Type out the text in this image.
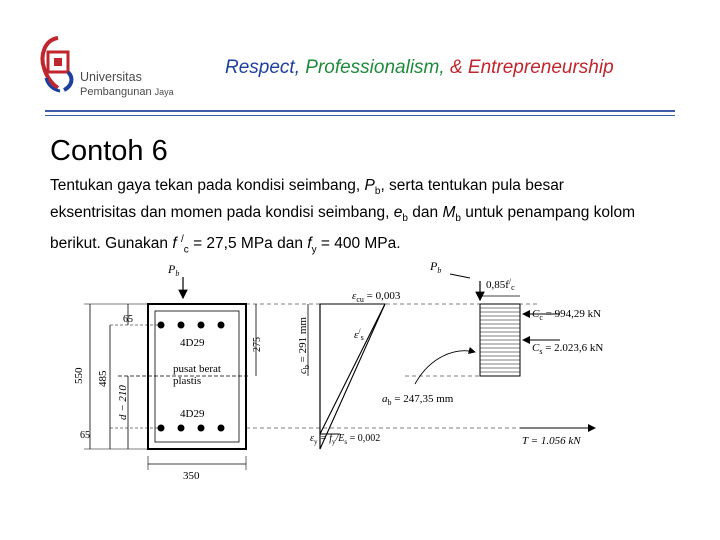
Universitas
Pembangunan Jaya
Respect, Professionalism, & Entrepreneurship
Contoh 6

Tentukan gaya tekan pada kondisi seimbang, $P_b$, serta tentukan pula besar

eksentrisitas dan momen pada kondisi seimbang, $e_b$ dan $M_b$ untuk penampang kolom

berikut. Gunakan f /$_c$ = 27,5 MPa dan $f_y = 400$ MPa.

$P_b$
4D29
4D29
pusat berat
plastis
550 485
65
d − 210
65
275
350
$\varepsilon_{cu} = 0,003$
$c_b = 291$ mm	$\varepsilon^/_s$
$\varepsilon_y = f_y/E_s = 0,002$
$P_b$
$0,85f^/_c$
$C_c = 994,29$ kN
$C_s = 2.023,6$ kN
$a_b = 247,35$ mm
T = 1.056 kN
